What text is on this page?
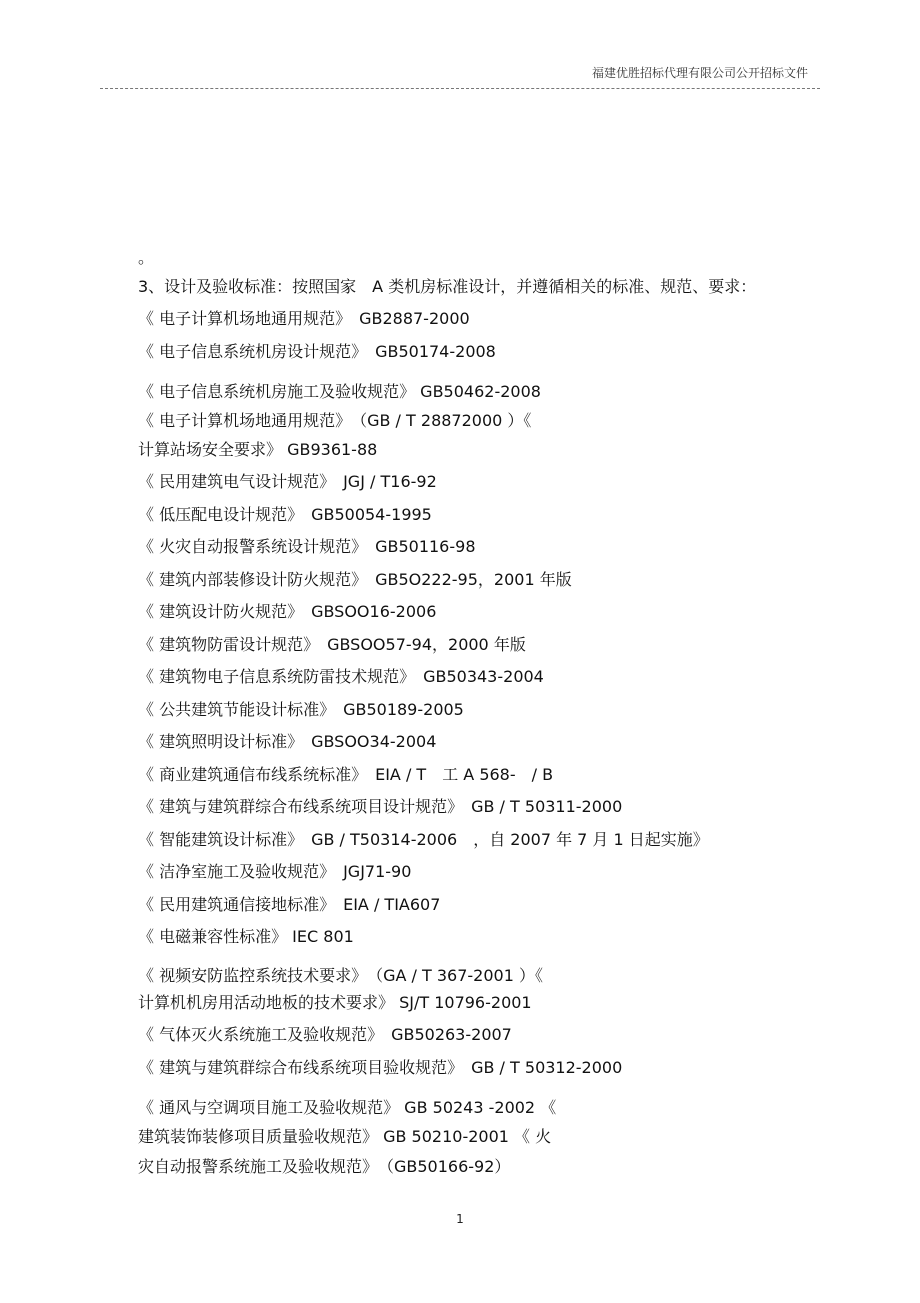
福建优胜招标代理有限公司公开招标文件
。
3、设计及验收标准：按照国家　A 类机房标准设计，并遵循相关的标准、规范、要求：
《 电子计算机场地通用规范》　GB2887-2000
《 电子信息系统机房设计规范》　GB50174-2008
《 电子信息系统机房施工及验收规范》 GB50462-2008
《 电子计算机场地通用规范》　（GB / T 28872000 ）《
计算站场安全要求》 GB9361-88
《 民用建筑电气设计规范》　JGJ / T16-92
《 低压配电设计规范》　GB50054-1995
《 火灾自动报警系统设计规范》　GB50116-98
《 建筑内部装修设计防火规范》　GB5O222-95，2001 年版
《 建筑设计防火规范》　GBSOO16-2006
《 建筑物防雷设计规范》　GBSOO57-94，2000 年版
《 建筑物电子信息系统防雷技术规范》　GB50343-2004
《 公共建筑节能设计标准》　GB50189-2005
《 建筑照明设计标准》　GBSOO34-2004
《 商业建筑通信布线系统标准》　EIA / T　工 A 568-　/ B
《 建筑与建筑群综合布线系统项目设计规范》　GB / T 50311-2000
《 智能建筑设计标准》　GB / T50314-2006　，自 2007 年 7 月 1 日起实施》
《 洁净室施工及验收规范》　JGJ71-90
《 民用建筑通信接地标准》　EIA / TIA607
《 电磁兼容性标准》 IEC 801
《 视频安防监控系统技术要求》　（GA / T 367-2001 ）《
计算机机房用活动地板的技术要求》 SJ/T 10796-2001
《 气体灭火系统施工及验收规范》　GB50263-2007
《 建筑与建筑群综合布线系统项目验收规范》　GB / T 50312-2000
《 通风与空调项目施工及验收规范》 GB 50243 -2002 《
建筑装饰装修项目质量验收规范》 GB 50210-2001 《 火
灾自动报警系统施工及验收规范》　（GB50166-92）
1
